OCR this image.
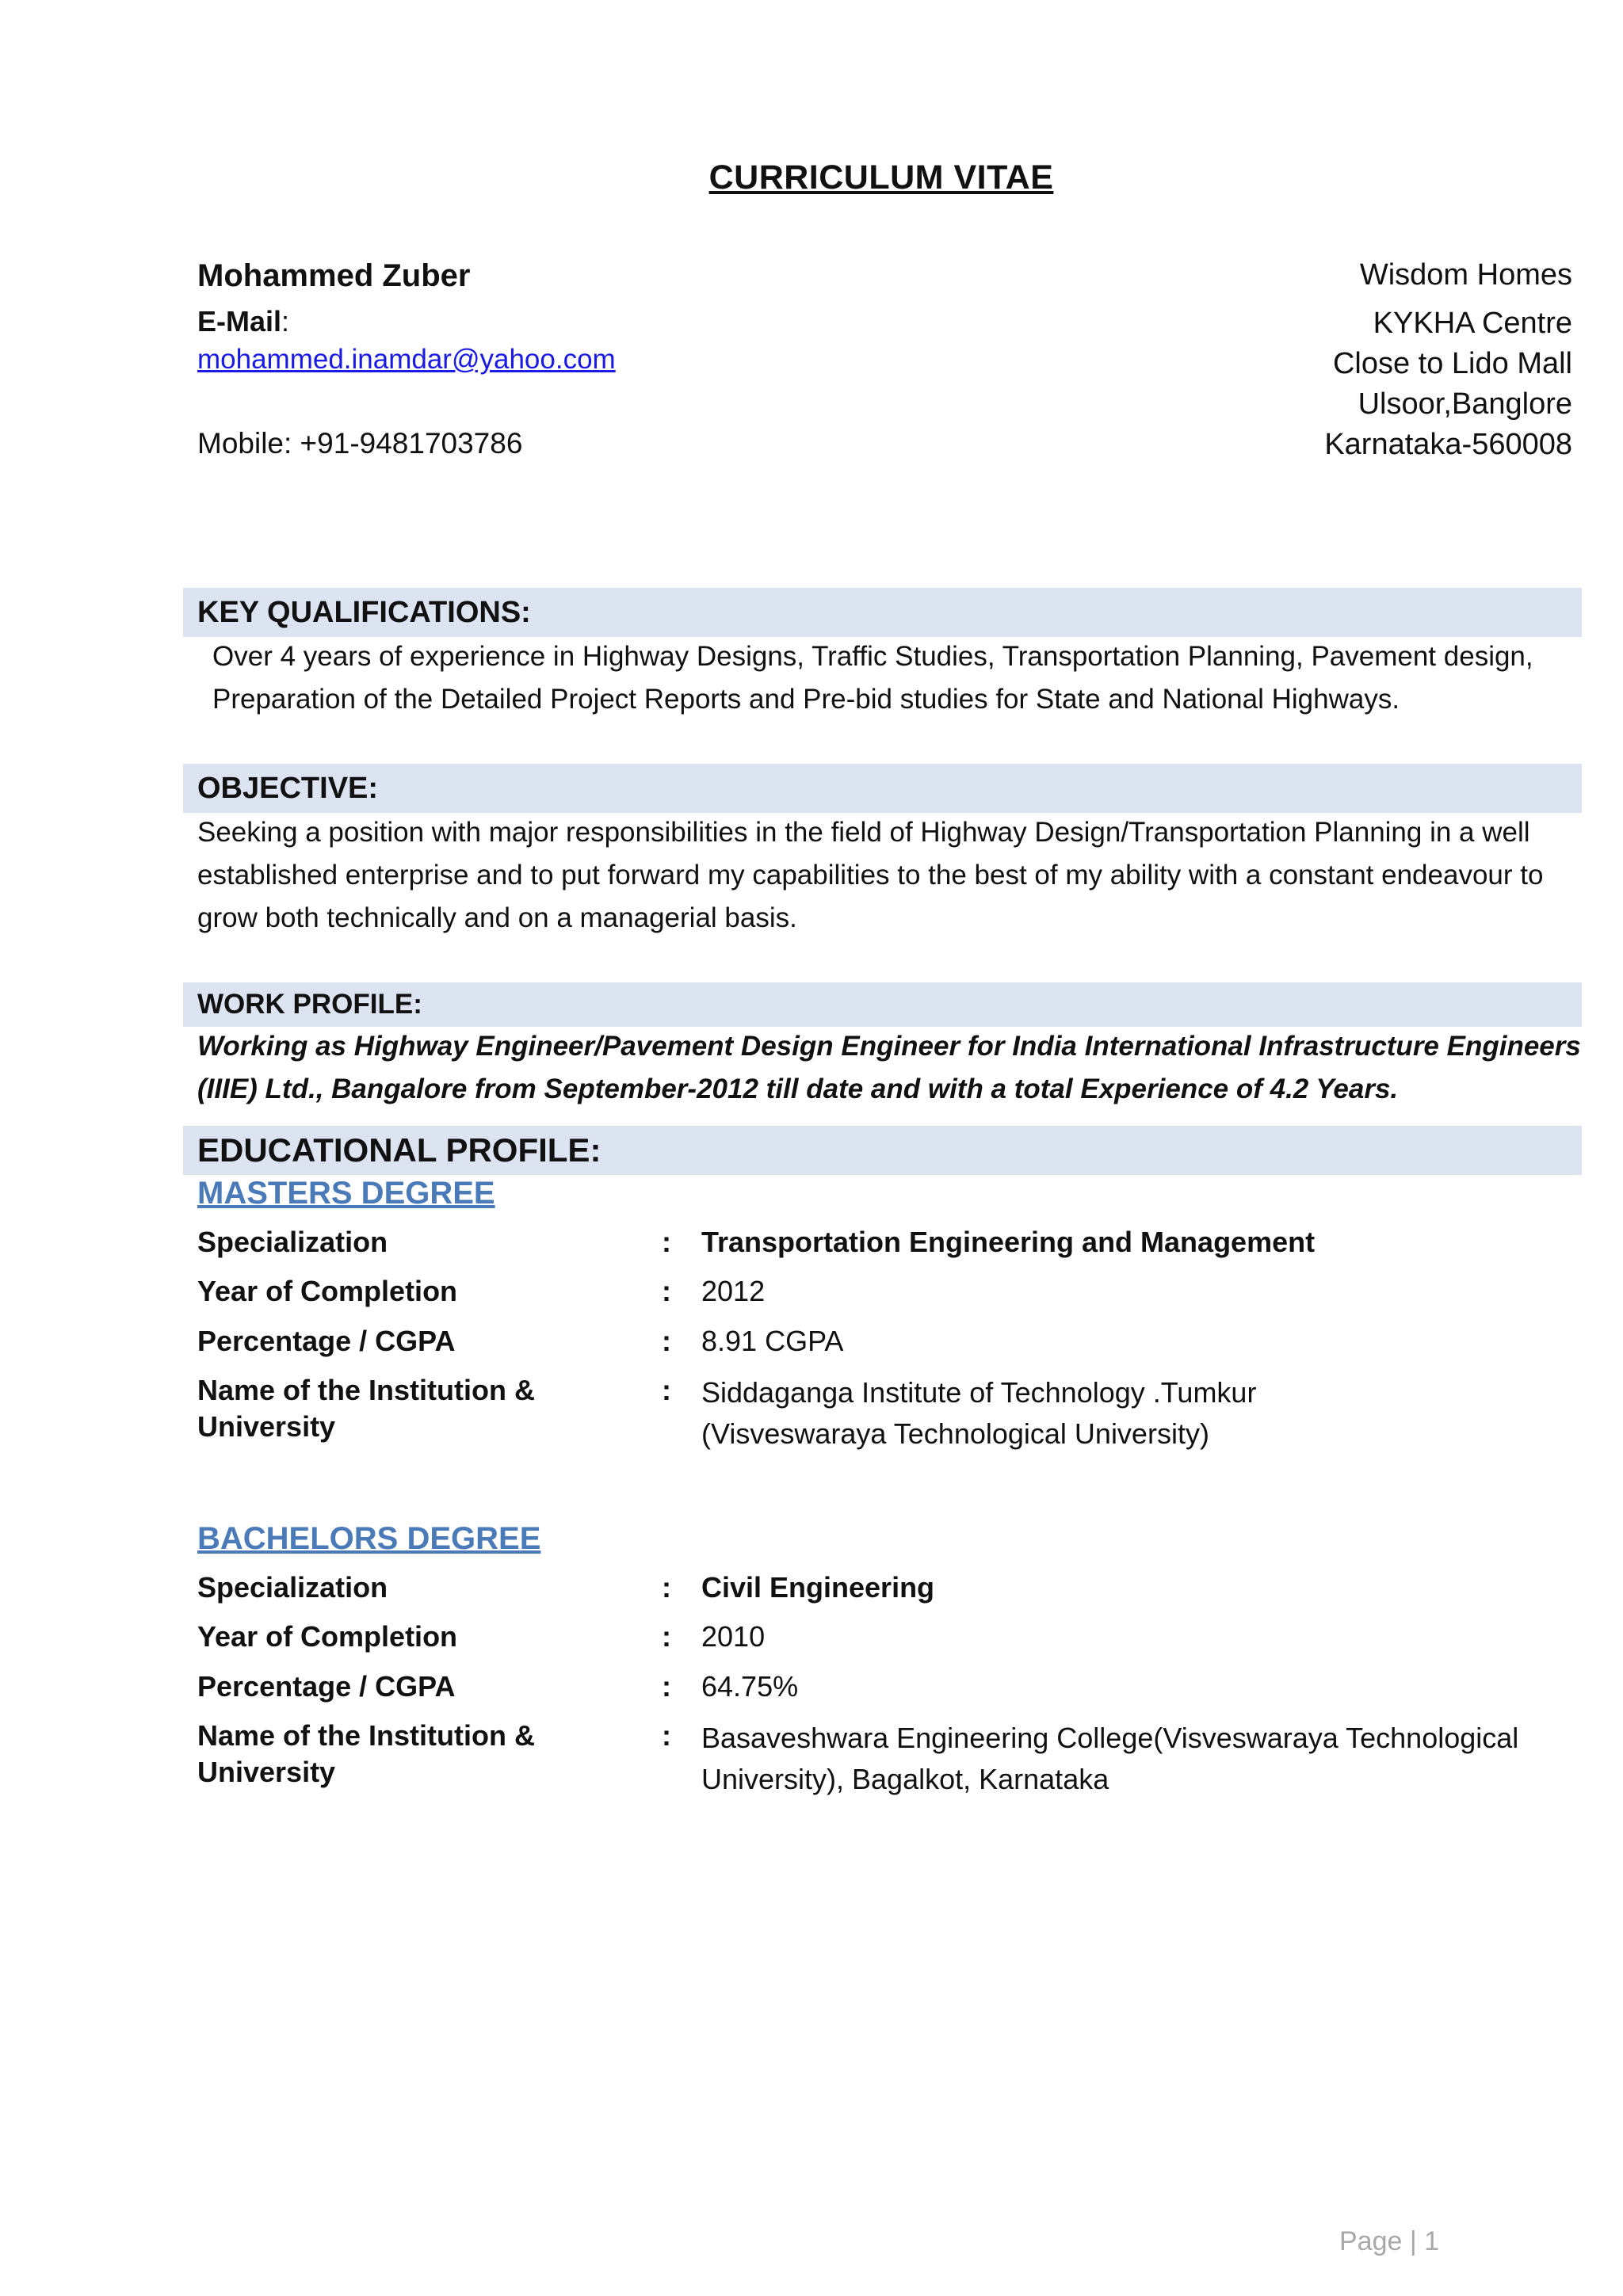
CURRICULUM VITAE
Mohammed Zuber
E-Mail:
mohammed.inamdar@yahoo.com
Mobile: +91-9481703786
Wisdom Homes
KYKHA Centre
Close to Lido Mall
Ulsoor,Banglore
Karnataka-560008
KEY QUALIFICATIONS:
Over 4 years of experience in Highway Designs, Traffic Studies, Transportation Planning, Pavement design,
Preparation of the Detailed Project Reports and Pre-bid studies for State and National Highways.
OBJECTIVE:
Seeking a position with major responsibilities in the field of Highway Design/Transportation Planning in a well
established enterprise and to put forward my capabilities to the best of my ability with a constant endeavour to
grow both technically and on a managerial basis.
WORK PROFILE:
Working as Highway Engineer/Pavement Design Engineer for India International Infrastructure Engineers
(IIIE) Ltd., Bangalore from September-2012 till date and with a total Experience of 4.2 Years.
EDUCATIONAL PROFILE:
MASTERS DEGREE
Specialization	: Transportation Engineering and Management
Year of Completion	: 2012
Percentage / CGPA	: 8.91 CGPA
Name of the Institution &
University
: Siddaganga Institute of Technology .Tumkur
(Visveswaraya Technological University)
BACHELORS DEGREE
Specialization	: Civil Engineering
Year of Completion	: 2010
Percentage / CGPA	: 64.75%
Name of the Institution &
University
: Basaveshwara Engineering College(Visveswaraya Technological
University), Bagalkot, Karnataka
Page | 1
